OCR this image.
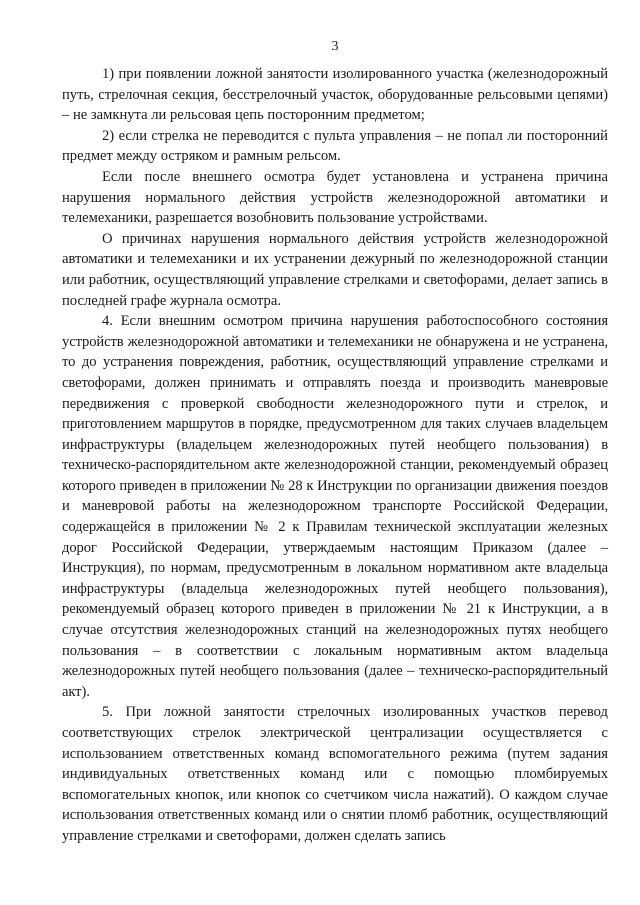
3

1) при появлении ложной занятости изолированного участка (железнодорожный путь, стрелочная секция, бесстрелочный участок, оборудованные рельсовыми цепями) – не замкнута ли рельсовая цепь посторонним предметом;

2) если стрелка не переводится с пульта управления – не попал ли посторонний предмет между остряком и рамным рельсом.

Если после внешнего осмотра будет установлена и устранена причина нарушения нормального действия устройств железнодорожной автоматики и телемеханики, разрешается возобновить пользование устройствами.

О причинах нарушения нормального действия устройств железнодорожной автоматики и телемеханики и их устранении дежурный по железнодорожной станции или работник, осуществляющий управление стрелками и светофорами, делает запись в последней графе журнала осмотра.

4. Если внешним осмотром причина нарушения работоспособного состояния устройств железнодорожной автоматики и телемеханики не обнаружена и не устранена, то до устранения повреждения, работник, осуществляющий управление стрелками и светофорами, должен принимать и отправлять поезда и производить маневровые передвижения с проверкой свободности железнодорожного пути и стрелок, и приготовлением маршрутов в порядке, предусмотренном для таких случаев владельцем инфраструктуры (владельцем железнодорожных путей необщего пользования) в техническо-распорядительном акте железнодорожной станции, рекомендуемый образец которого приведен в приложении № 28 к Инструкции по организации движения поездов и маневровой работы на железнодорожном транспорте Российской Федерации, содержащейся в приложении № 2 к Правилам технической эксплуатации железных дорог Российской Федерации, утверждаемым настоящим Приказом (далее – Инструкция), по нормам, предусмотренным в локальном нормативном акте владельца инфраструктуры (владельца железнодорожных путей необщего пользования), рекомендуемый образец которого приведен в приложении № 21 к Инструкции, а в случае отсутствия железнодорожных станций на железнодорожных путях необщего пользования – в соответствии с локальным нормативным актом владельца железнодорожных путей необщего пользования (далее – техническо-распорядительный акт).

5. При ложной занятости стрелочных изолированных участков перевод соответствующих стрелок электрической централизации осуществляется с использованием ответственных команд вспомогательного режима (путем задания индивидуальных ответственных команд или с помощью пломбируемых вспомогательных кнопок, или кнопок со счетчиком числа нажатий). О каждом случае использования ответственных команд или о снятии пломб работник, осуществляющий управление стрелками и светофорами, должен сделать запись
